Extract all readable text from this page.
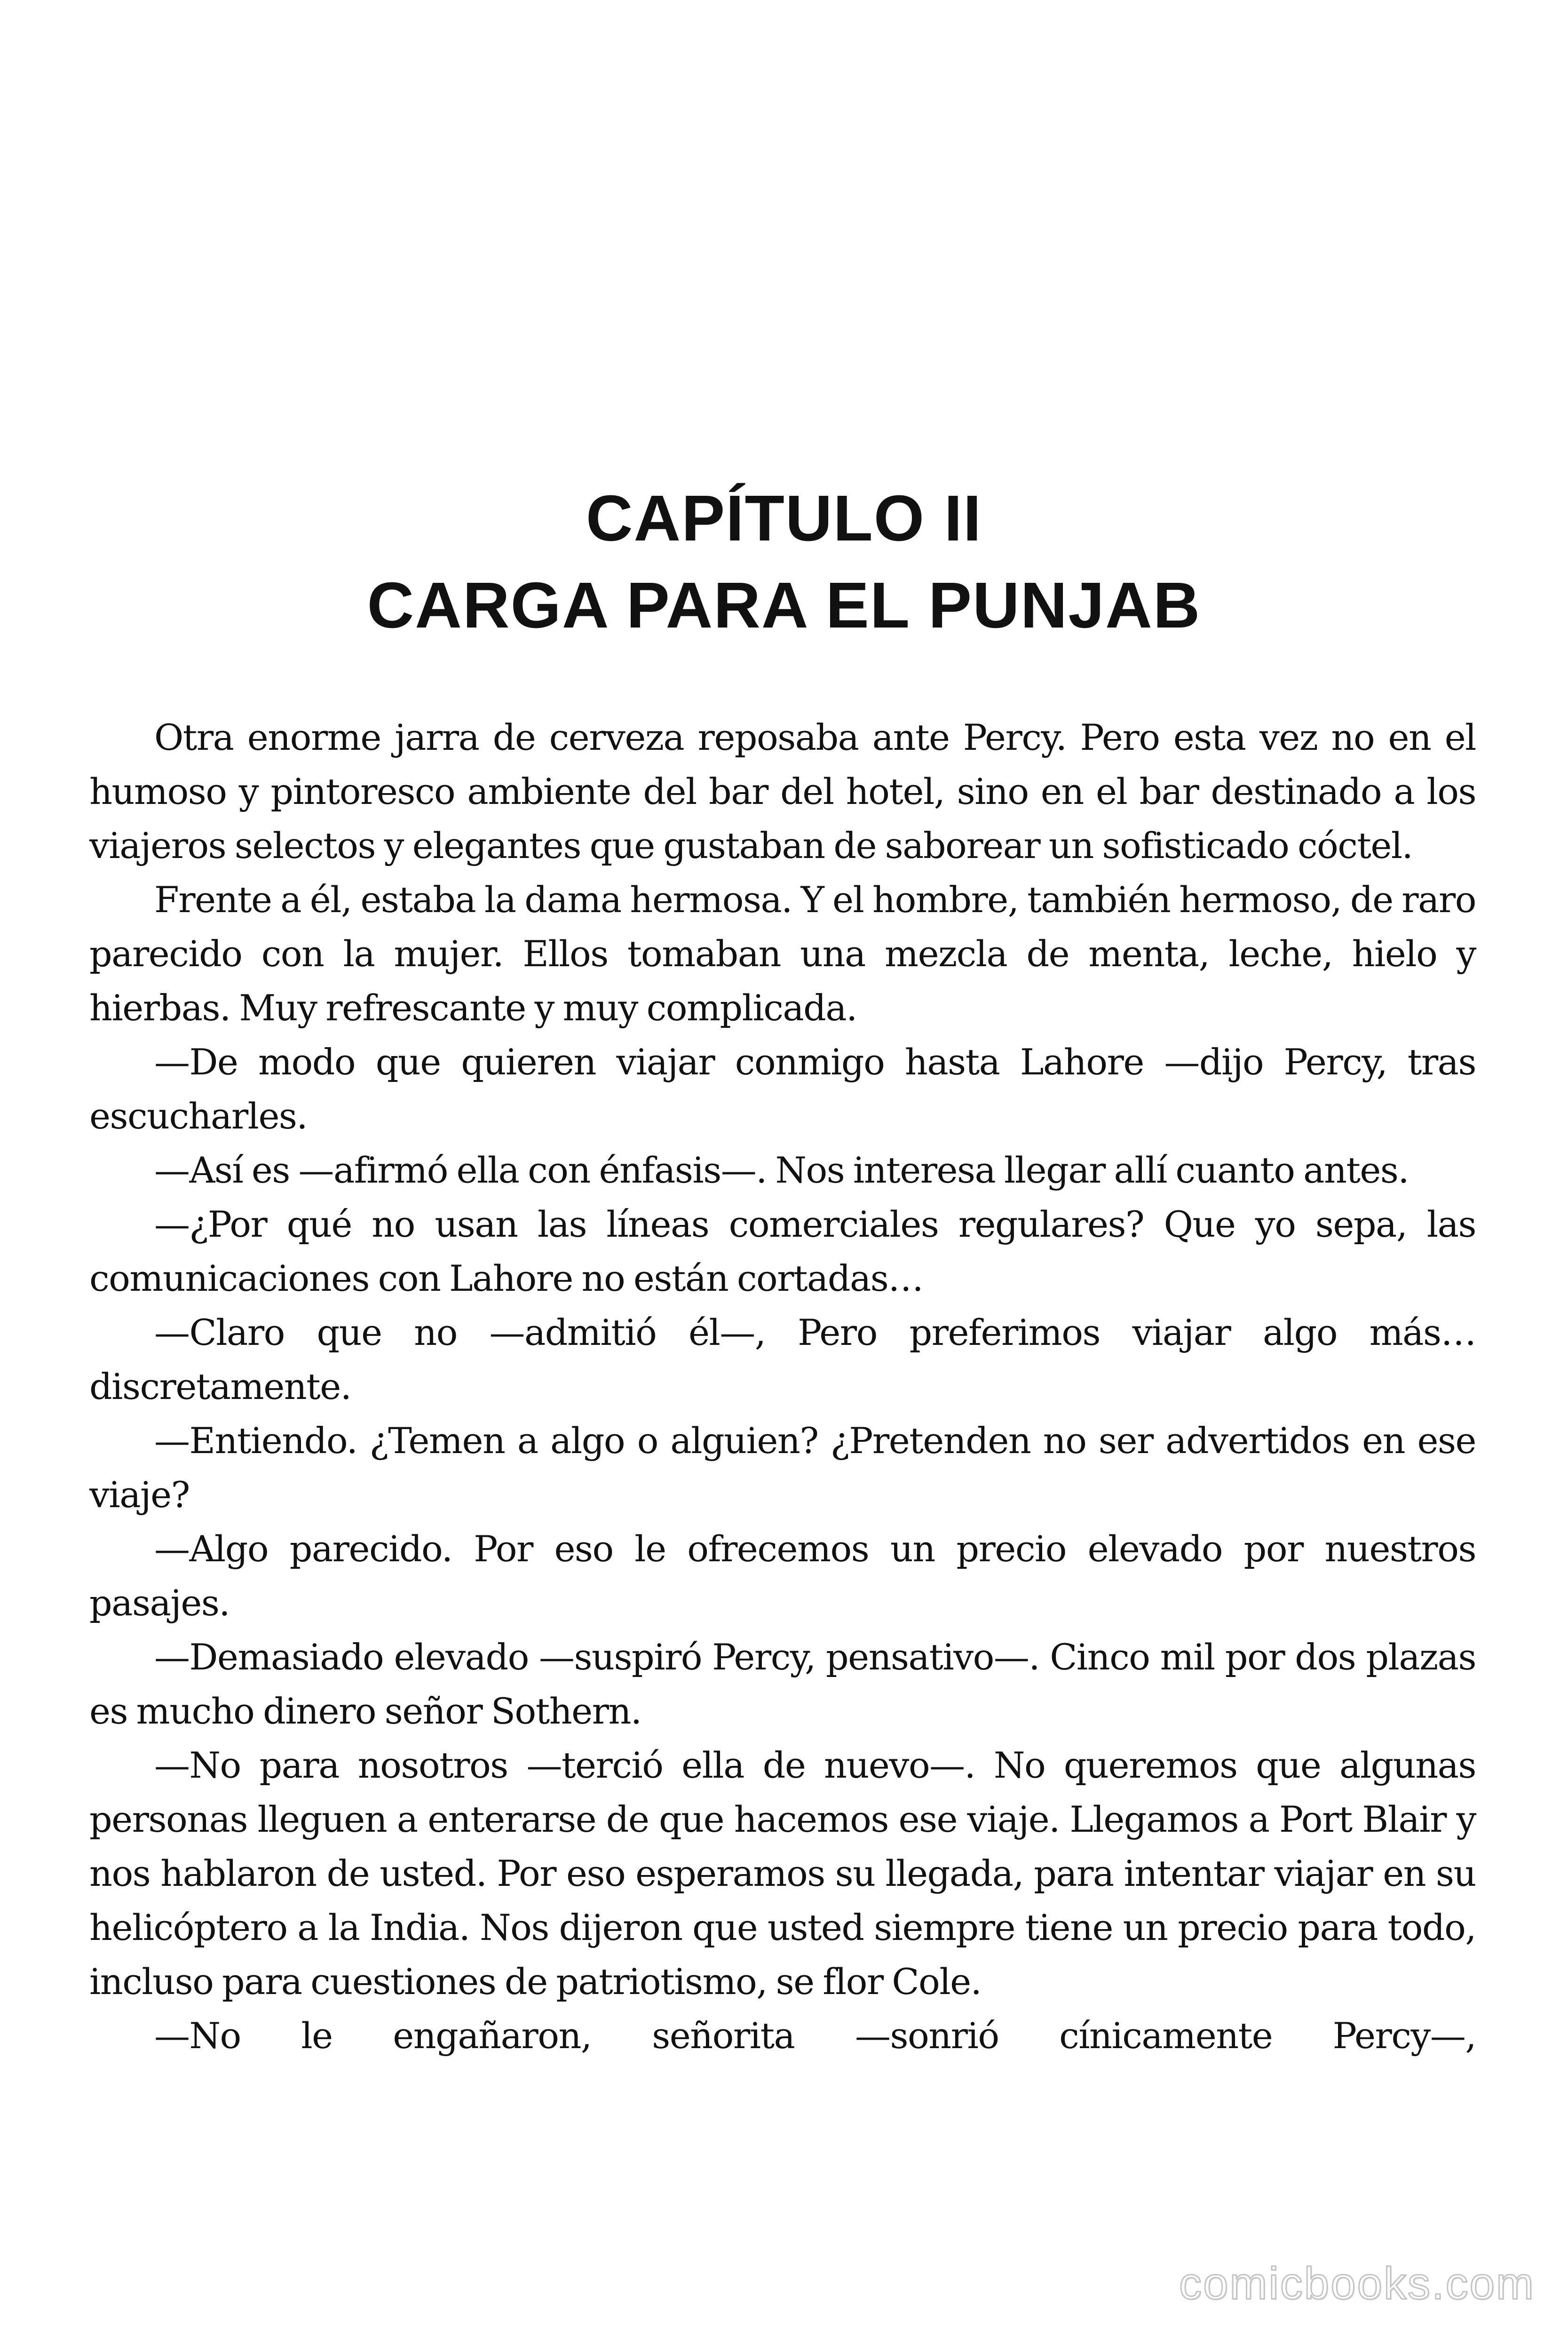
CAPÍTULO II
CARGA PARA EL PUNJAB

Otra enorme jarra de cerveza reposaba ante Percy. Pero esta vez no en el humoso y pintoresco ambiente del bar del hotel, sino en el bar destinado a los viajeros selectos y elegantes que gustaban de saborear un sofisticado cóctel.

Frente a él, estaba la dama hermosa. Y el hombre, también hermoso, de raro parecido con la mujer. Ellos tomaban una mezcla de menta, leche, hielo y hierbas. Muy refrescante y muy complicada.

—De modo que quieren viajar conmigo hasta Lahore —dijo Percy, tras escucharles.

—Así es —afirmó ella con énfasis—. Nos interesa llegar allí cuanto antes.

—¿Por qué no usan las líneas comerciales regulares? Que yo sepa, las comunicaciones con Lahore no están cortadas…

—Claro que no —admitió él—, Pero preferimos viajar algo más… discretamente.

—Entiendo. ¿Temen a algo o alguien? ¿Pretenden no ser advertidos en ese viaje?

—Algo parecido. Por eso le ofrecemos un precio elevado por nuestros pasajes.

—Demasiado elevado —suspiró Percy, pensativo—. Cinco mil por dos plazas es mucho dinero señor Sothern.

—No para nosotros —terció ella de nuevo—. No queremos que algunas personas lleguen a enterarse de que hacemos ese viaje. Llegamos a Port Blair y nos hablaron de usted. Por eso esperamos su llegada, para intentar viajar en su helicóptero a la India. Nos dijeron que usted siempre tiene un precio para todo, incluso para cuestiones de patriotismo, se flor Cole.

—No le engañaron, señorita —sonrió cínicamente Percy—,

comicbooks.com
